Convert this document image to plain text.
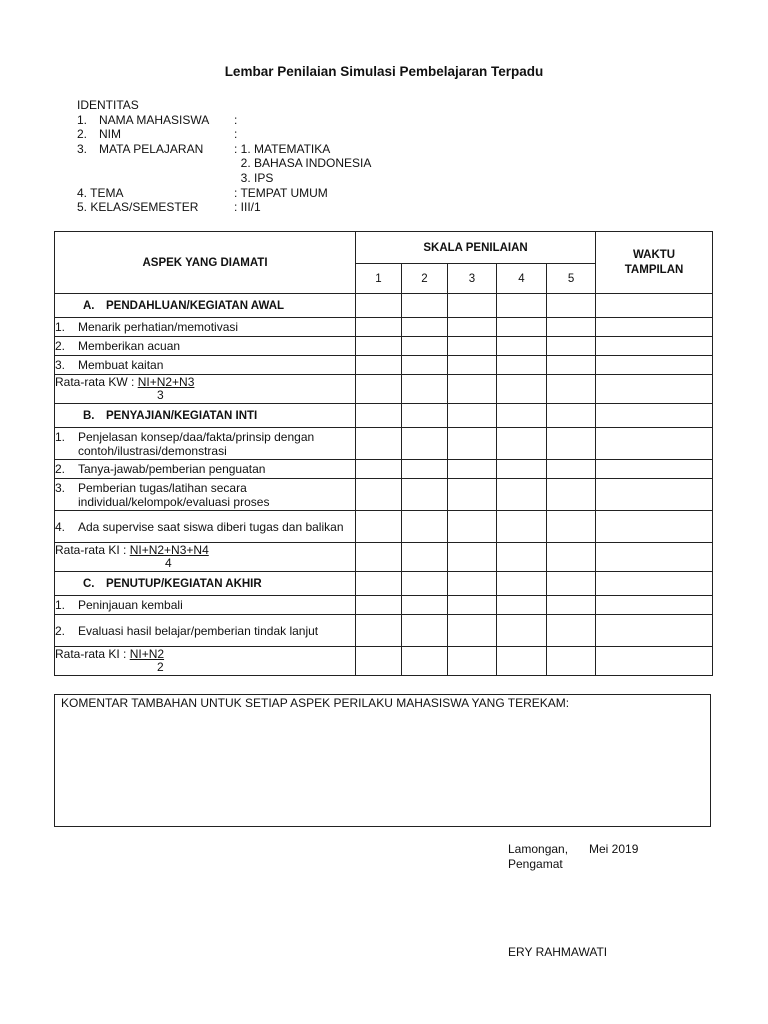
Lembar Penilaian Simulasi Pembelajaran Terpadu
IDENTITAS
1. NAMA MAHASISWA	:
2. NIM	:
3. MATA PELAJARAN	: 1. MATEMATIKA
2. BAHASA INDONESIA
3. IPS
4. TEMA	: TEMPAT UMUM
5. KELAS/SEMESTER	: III/1
ASPEK YANG DIAMATI	SKALA PENILAIAN					WAKTU TAMPILAN
	1	2	3	4	5	
A. PENDAHLUAN/KEGIATAN AWAL						

1. Menarik perhatian/memotivasi						

2. Memberikan acuan						

3. Membuat kaitan						

Rata-rata KW : NI+N2+N3
3						

B. PENYAJIAN/KEGIATAN INTI						

1. Penjelasan konsep/daa/fakta/prinsip dengan contoh/ilustrasi/demonstrasi						

2. Tanya-jawab/pemberian penguatan						

3. Pemberian tugas/latihan secara individual/kelompok/evaluasi proses						

4. Ada supervise saat siswa diberi tugas dan balikan						

Rata-rata KI : NI+N2+N3+N4
4						

C. PENUTUP/KEGIATAN AKHIR						

1. Peninjauan kembali						

2. Evaluasi hasil belajar/pemberian tindak lanjut						

Rata-rata KI : NI+N2
2						

KOMENTAR TAMBAHAN UNTUK SETIAP ASPEK PERILAKU MAHASISWA YANG TEREKAM:
Lamongan, Mei 2019
Pengamat
ERY RAHMAWATI
